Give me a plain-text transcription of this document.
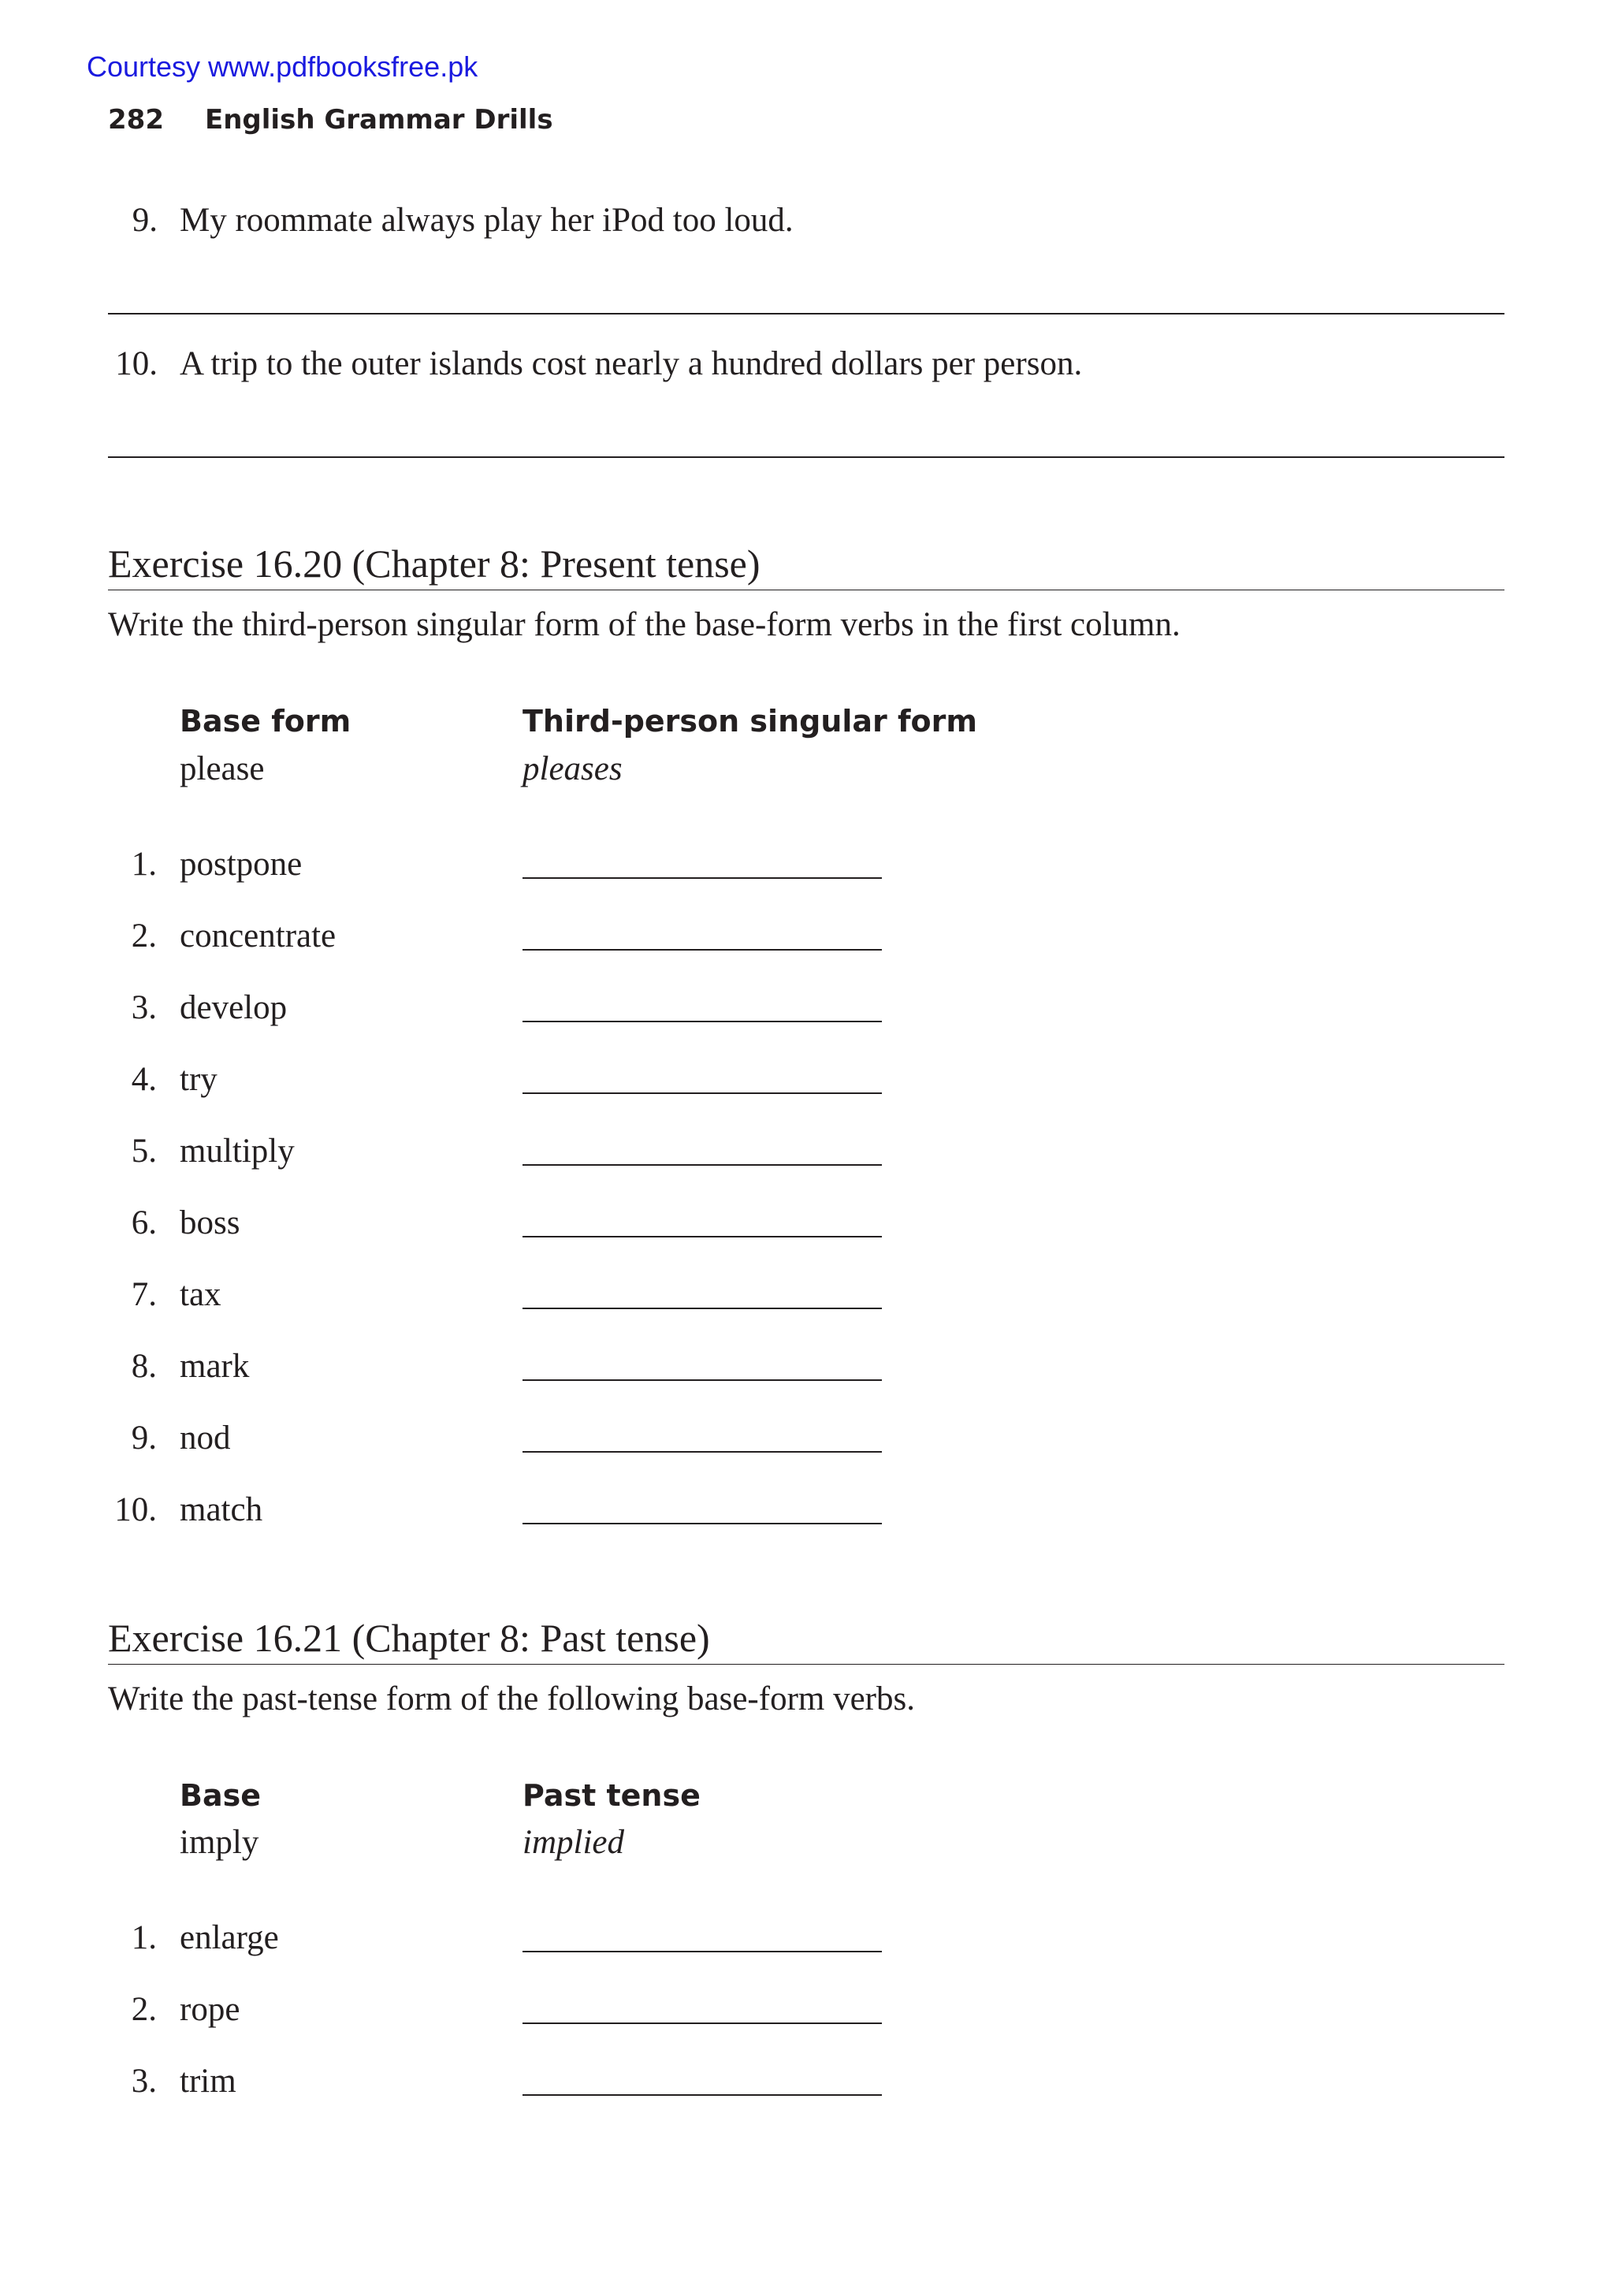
Courtesy www.pdfbooksfree.pk
282 English Grammar Drills
9. My roommate always play her iPod too loud.
10. A trip to the outer islands cost nearly a hundred dollars per person.
Exercise 16.20 (Chapter 8: Present tense)
Write the third-person singular form of the base-form verbs in the first column.
Base form	Third-person singular form
please	pleases
1. postpone
2. concentrate
3. develop
4. try
5. multiply
6. boss
7. tax
8. mark
9. nod
10. match
Exercise 16.21 (Chapter 8: Past tense)
Write the past-tense form of the following base-form verbs.
Base	Past tense
imply	implied
1. enlarge
2. rope
3. trim
